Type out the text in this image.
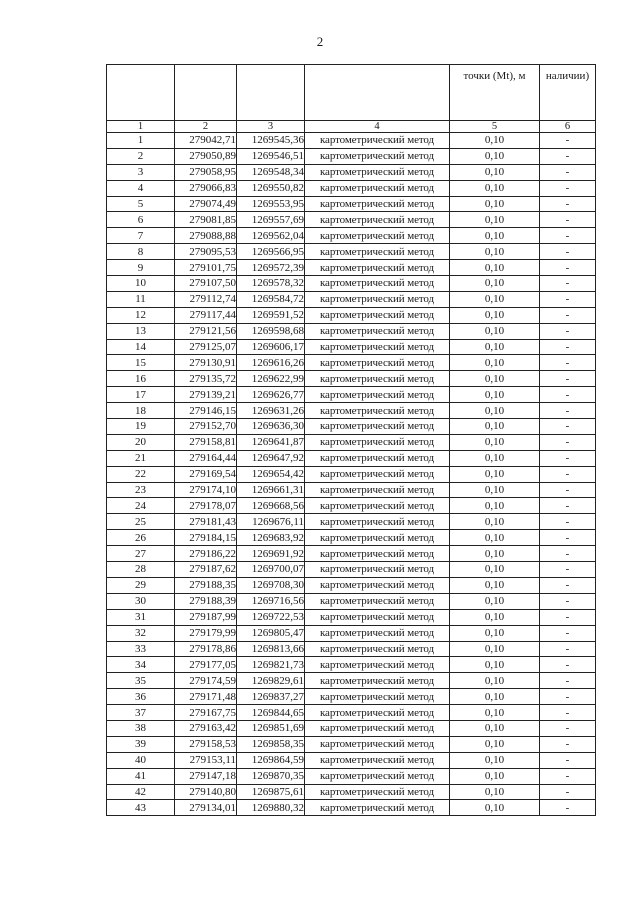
2
				точки (Mt), м	наличии)
1	2	3	4	5	6
1	279042,71	1269545,36	картометрический метод	0,10	-
2	279050,89	1269546,51	картометрический метод	0,10	-
3	279058,95	1269548,34	картометрический метод	0,10	-
4	279066,83	1269550,82	картометрический метод	0,10	-
5	279074,49	1269553,95	картометрический метод	0,10	-
6	279081,85	1269557,69	картометрический метод	0,10	-
7	279088,88	1269562,04	картометрический метод	0,10	-
8	279095,53	1269566,95	картометрический метод	0,10	-
9	279101,75	1269572,39	картометрический метод	0,10	-
10	279107,50	1269578,32	картометрический метод	0,10	-
11	279112,74	1269584,72	картометрический метод	0,10	-
12	279117,44	1269591,52	картометрический метод	0,10	-
13	279121,56	1269598,68	картометрический метод	0,10	-
14	279125,07	1269606,17	картометрический метод	0,10	-
15	279130,91	1269616,26	картометрический метод	0,10	-
16	279135,72	1269622,99	картометрический метод	0,10	-
17	279139,21	1269626,77	картометрический метод	0,10	-
18	279146,15	1269631,26	картометрический метод	0,10	-
19	279152,70	1269636,30	картометрический метод	0,10	-
20	279158,81	1269641,87	картометрический метод	0,10	-
21	279164,44	1269647,92	картометрический метод	0,10	-
22	279169,54	1269654,42	картометрический метод	0,10	-
23	279174,10	1269661,31	картометрический метод	0,10	-
24	279178,07	1269668,56	картометрический метод	0,10	-
25	279181,43	1269676,11	картометрический метод	0,10	-
26	279184,15	1269683,92	картометрический метод	0,10	-
27	279186,22	1269691,92	картометрический метод	0,10	-
28	279187,62	1269700,07	картометрический метод	0,10	-
29	279188,35	1269708,30	картометрический метод	0,10	-
30	279188,39	1269716,56	картометрический метод	0,10	-
31	279187,99	1269722,53	картометрический метод	0,10	-
32	279179,99	1269805,47	картометрический метод	0,10	-
33	279178,86	1269813,66	картометрический метод	0,10	-
34	279177,05	1269821,73	картометрический метод	0,10	-
35	279174,59	1269829,61	картометрический метод	0,10	-
36	279171,48	1269837,27	картометрический метод	0,10	-
37	279167,75	1269844,65	картометрический метод	0,10	-
38	279163,42	1269851,69	картометрический метод	0,10	-
39	279158,53	1269858,35	картометрический метод	0,10	-
40	279153,11	1269864,59	картометрический метод	0,10	-
41	279147,18	1269870,35	картометрический метод	0,10	-
42	279140,80	1269875,61	картометрический метод	0,10	-
43	279134,01	1269880,32	картометрический метод	0,10	-
